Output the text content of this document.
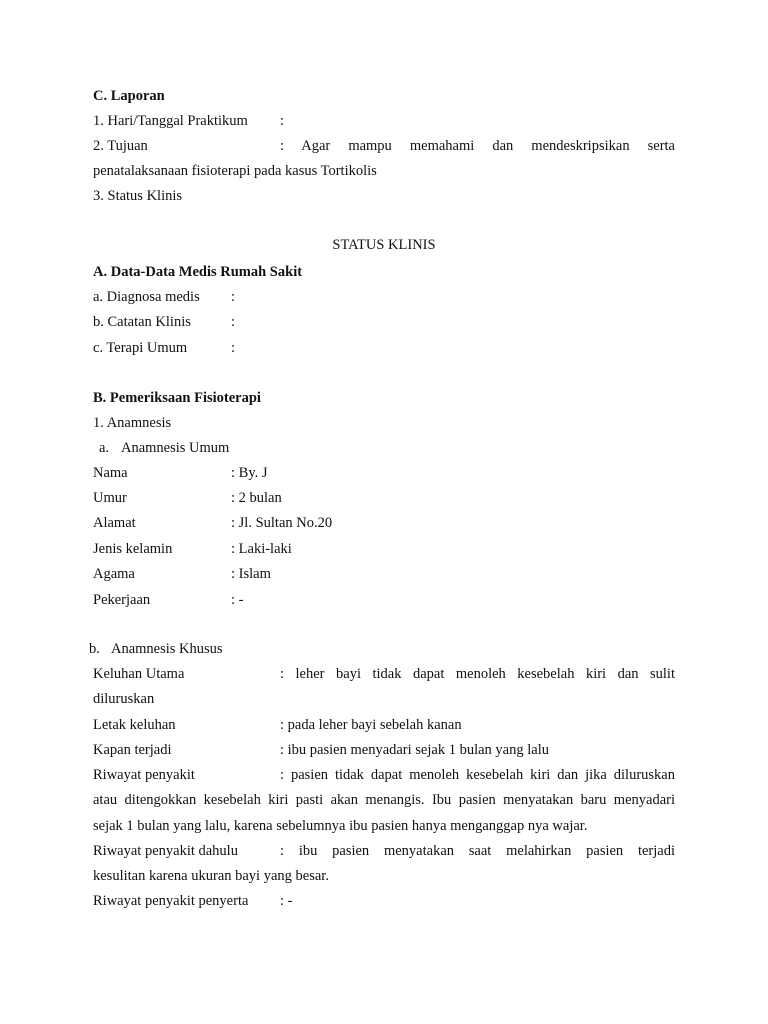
C. Laporan
1. Hari/Tanggal Praktikum :
2. Tujuan	: Agar mampu memahami dan mendeskripsikan serta
penatalaksanaan fisioterapi pada kasus Tortikolis
3. Status Klinis
STATUS KLINIS
A. Data-Data Medis Rumah Sakit
a. Diagnosa medis :
b. Catatan Klinis	:
c. Terapi Umum	:
B. Pemeriksaan Fisioterapi
1. Anamnesis
a. Anamnesis Umum
Nama	: By. J
Umur	: 2 bulan
Alamat	: Jl. Sultan No.20
Jenis kelamin	: Laki-laki
Agama	: Islam
Pekerjaan	: -
b. Anamnesis Khusus
Keluhan Utama	: leher bayi tidak dapat menoleh kesebelah kiri dan sulit
diluruskan
Letak keluhan	: pada leher bayi sebelah kanan
Kapan terjadi	: ibu pasien menyadari sejak 1 bulan yang lalu
Riwayat penyakit	: pasien tidak dapat menoleh kesebelah kiri dan jika diluruskan
atau ditengokkan kesebelah kiri pasti akan menangis. Ibu pasien menyatakan baru menyadari
sejak 1 bulan yang lalu, karena sebelumnya ibu pasien hanya menganggap nya wajar.
Riwayat penyakit dahulu	: ibu pasien menyatakan saat melahirkan pasien terjadi
kesulitan karena ukuran bayi yang besar.
Riwayat penyakit penyerta : -
